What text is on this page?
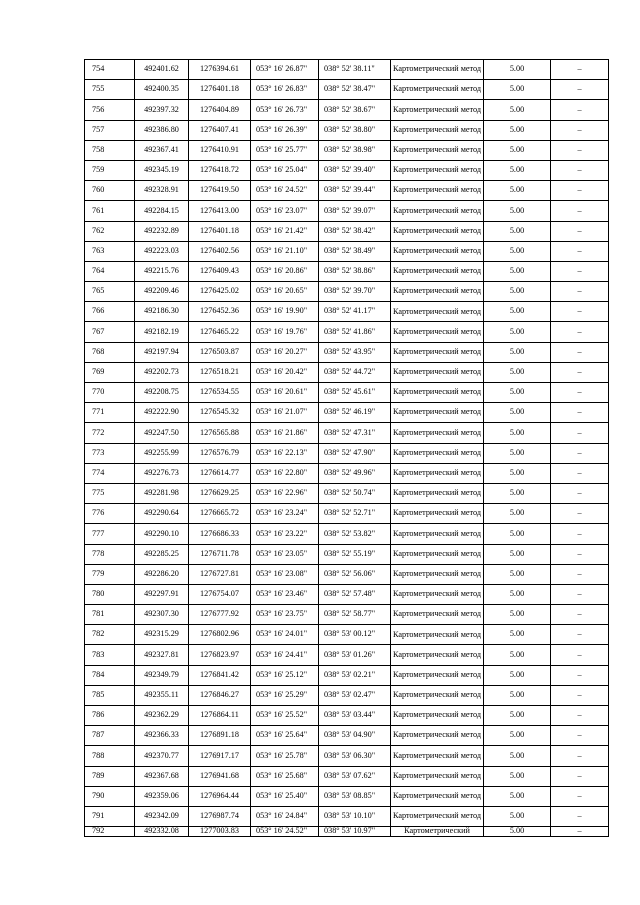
754	492401.62	1276394.61	053° 16' 26.87"	038° 52' 38.11"	Картометрический метод	5.00	–
755	492400.35	1276401.18	053° 16' 26.83"	038° 52' 38.47"	Картометрический метод	5.00	–
756	492397.32	1276404.89	053° 16' 26.73"	038° 52' 38.67"	Картометрический метод	5.00	–
757	492386.80	1276407.41	053° 16' 26.39"	038° 52' 38.80"	Картометрический метод	5.00	–
758	492367.41	1276410.91	053° 16' 25.77"	038° 52' 38.98"	Картометрический метод	5.00	–
759	492345.19	1276418.72	053° 16' 25.04"	038° 52' 39.40"	Картометрический метод	5.00	–
760	492328.91	1276419.50	053° 16' 24.52"	038° 52' 39.44"	Картометрический метод	5.00	–
761	492284.15	1276413.00	053° 16' 23.07"	038° 52' 39.07"	Картометрический метод	5.00	–
762	492232.89	1276401.18	053° 16' 21.42"	038° 52' 38.42"	Картометрический метод	5.00	–
763	492223.03	1276402.56	053° 16' 21.10"	038° 52' 38.49"	Картометрический метод	5.00	–
764	492215.76	1276409.43	053° 16' 20.86"	038° 52' 38.86"	Картометрический метод	5.00	–
765	492209.46	1276425.02	053° 16' 20.65"	038° 52' 39.70"	Картометрический метод	5.00	–
766	492186.30	1276452.36	053° 16' 19.90"	038° 52' 41.17"	Картометрический метод	5.00	–
767	492182.19	1276465.22	053° 16' 19.76"	038° 52' 41.86"	Картометрический метод	5.00	–
768	492197.94	1276503.87	053° 16' 20.27"	038° 52' 43.95"	Картометрический метод	5.00	–
769	492202.73	1276518.21	053° 16' 20.42"	038° 52' 44.72"	Картометрический метод	5.00	–
770	492208.75	1276534.55	053° 16' 20.61"	038° 52' 45.61"	Картометрический метод	5.00	–
771	492222.90	1276545.32	053° 16' 21.07"	038° 52' 46.19"	Картометрический метод	5.00	–
772	492247.50	1276565.88	053° 16' 21.86"	038° 52' 47.31"	Картометрический метод	5.00	–
773	492255.99	1276576.79	053° 16' 22.13"	038° 52' 47.90"	Картометрический метод	5.00	–
774	492276.73	1276614.77	053° 16' 22.80"	038° 52' 49.96"	Картометрический метод	5.00	–
775	492281.98	1276629.25	053° 16' 22.96"	038° 52' 50.74"	Картометрический метод	5.00	–
776	492290.64	1276665.72	053° 16' 23.24"	038° 52' 52.71"	Картометрический метод	5.00	–
777	492290.10	1276686.33	053° 16' 23.22"	038° 52' 53.82"	Картометрический метод	5.00	–
778	492285.25	1276711.78	053° 16' 23.05"	038° 52' 55.19"	Картометрический метод	5.00	–
779	492286.20	1276727.81	053° 16' 23.08"	038° 52' 56.06"	Картометрический метод	5.00	–
780	492297.91	1276754.07	053° 16' 23.46"	038° 52' 57.48"	Картометрический метод	5.00	–
781	492307.30	1276777.92	053° 16' 23.75"	038° 52' 58.77"	Картометрический метод	5.00	–
782	492315.29	1276802.96	053° 16' 24.01"	038° 53' 00.12"	Картометрический метод	5.00	–
783	492327.81	1276823.97	053° 16' 24.41"	038° 53' 01.26"	Картометрический метод	5.00	–
784	492349.79	1276841.42	053° 16' 25.12"	038° 53' 02.21"	Картометрический метод	5.00	–
785	492355.11	1276846.27	053° 16' 25.29"	038° 53' 02.47"	Картометрический метод	5.00	–
786	492362.29	1276864.11	053° 16' 25.52"	038° 53' 03.44"	Картометрический метод	5.00	–
787	492366.33	1276891.18	053° 16' 25.64"	038° 53' 04.90"	Картометрический метод	5.00	–
788	492370.77	1276917.17	053° 16' 25.78"	038° 53' 06.30"	Картометрический метод	5.00	–
789	492367.68	1276941.68	053° 16' 25.68"	038° 53' 07.62"	Картометрический метод	5.00	–
790	492359.06	1276964.44	053° 16' 25.40"	038° 53' 08.85"	Картометрический метод	5.00	–
791	492342.09	1276987.74	053° 16' 24.84"	038° 53' 10.10"	Картометрический метод	5.00	–
792	492332.08	1277003.83	053° 16' 24.52"	038° 53' 10.97"	Картометрический	5.00	–
